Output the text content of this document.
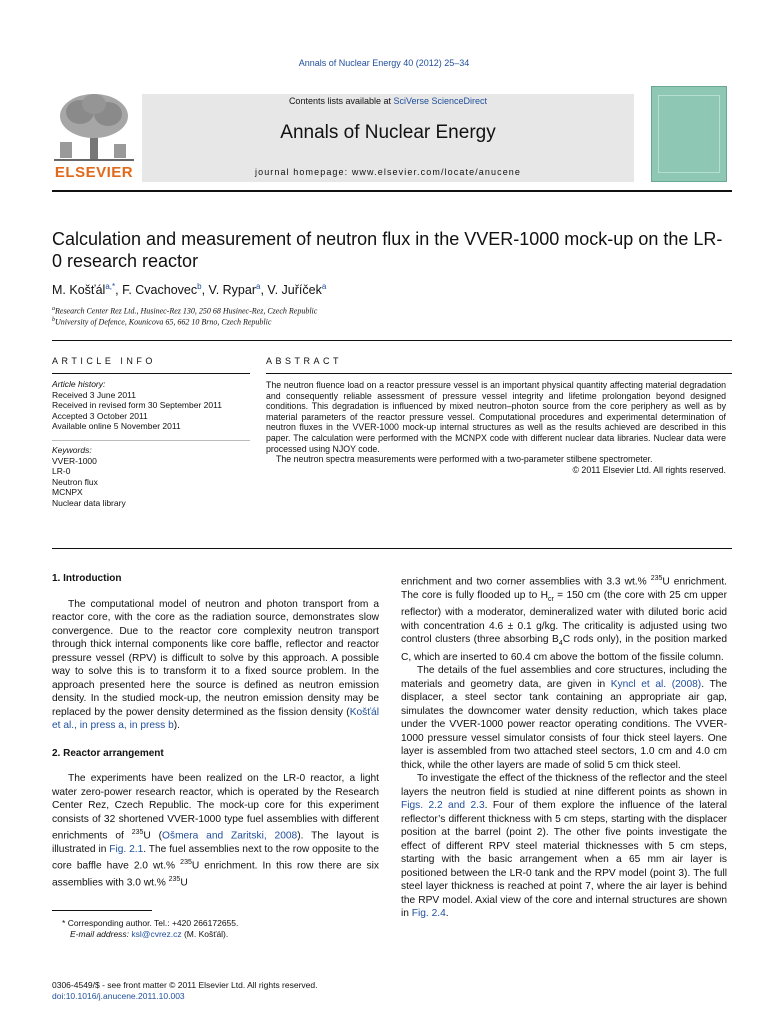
Annals of Nuclear Energy 40 (2012) 25–34
ELSEVIER
Contents lists available at SciVerse ScienceDirect
Annals of Nuclear Energy
journal homepage: www.elsevier.com/locate/anucene
Calculation and measurement of neutron flux in the VVER-1000 mock-up on the LR-0 research reactor
M. Košťál$^{a,*}$, F. Cvachovec$^b$, V. Rypar$^a$, V. Juříček$^a$
$^a$Research Center Rez Ltd., Husinec-Rez 130, 250 68 Husinec-Rez, Czech Republic
$^b$University of Defence, Kounicova 65, 662 10 Brno, Czech Republic
ARTICLE INFO	ABSTRACT
Article history:
Received 3 June 2011
Received in revised form 30 September 2011
Accepted 3 October 2011
Available online 5 November 2011
Keywords:
VVER-1000
LR-0
Neutron flux
MCNPX
Nuclear data library

The neutron fluence load on a reactor pressure vessel is an important physical quantity affecting material degradation and consequently reliable assessment of pressure vessel integrity and lifetime prolongation beyond designed conditions. This degradation is influenced by mixed neutron–photon source from the core periphery as well as by material parameters of the reactor pressure vessel. Computational procedures and experimental determination of neutron fluxes in the VVER-1000 mock-up internal structures as well as the results achieved are described in this paper. The calculation were performed with the MCNPX code with different nuclear data libraries. Nuclear data were processed using NJOY code.

The neutron spectra measurements were performed with a two-parameter stilbene spectrometer.

© 2011 Elsevier Ltd. All rights reserved.

1. Introduction

The computational model of neutron and photon transport from a reactor core, with the core as the radiation source, demonstrates slow convergence. Due to the reactor core complexity neutron transport through thick internal components like core baffle, reflector and reactor pressure vessel (RPV) is difficult to solve by this approach. A possible way to solve this is to transform it to a fixed source problem. In the approach presented here the source is defined as neutron emission density. In the studied mock-up, the neutron emission density may be replaced by the power density determined as the fission density (Košťál et al., in press a, in press b).

2. Reactor arrangement

The experiments have been realized on the LR-0 reactor, a light water zero-power research reactor, which is operated by the Research Center Rez, Czech Republic. The mock-up core for this experiment consists of 32 shortened VVER-1000 type fuel assemblies with different enrichments of $^{235}$U (Ošmera and Zaritski, 2008). The layout is illustrated in Fig. 2.1. The fuel assemblies next to the row opposite to the core baffle have 2.0 wt.% $^{235}$U enrichment. In this row there are six assemblies with 3.0 wt.% $^{235}$U

enrichment and two corner assemblies with 3.3 wt.% $^{235}$U enrichment. The core is fully flooded up to $H_{cr} = 150$ cm (the core with 25 cm upper reflector) with a moderator, demineralized water with diluted boric acid with concentration 4.6 ± 0.1 g/kg. The criticality is adjusted using two control clusters (three absorbing $B_4C$ rods only), in the position marked C, which are inserted to 60.4 cm above the bottom of the fissile column.

The details of the fuel assemblies and core structures, including the materials and geometry data, are given in Kyncl et al. (2008). The displacer, a steel sector tank containing an appropriate air gap, simulates the downcomer water density reduction, which takes place under the VVER-1000 power reactor operating conditions. The VVER-1000 pressure vessel simulator consists of four thick steel layers. One layer is assembled from two attached steel sectors, 1.0 cm and 4.0 cm thick, while the other layers are made of solid 5 cm thick steel.

To investigate the effect of the thickness of the reflector and the steel layers the neutron field is studied at nine different points as shown in Figs. 2.2 and 2.3. Four of them explore the influence of the lateral reflector’s different thickness with 5 cm steps, starting with the displacer position at the barrel (point 2). The other five points investigate the effect of different RPV steel material thicknesses with 5 cm steps, starting with the basic arrangement when a 65 mm air layer is positioned between the LR-0 tank and the RPV model (point 3). The full steel layer thickness is reached at point 7, where the air layer is behind the RPV model. Axial view of the core and internal structures are shown in Fig. 2.4.

* Corresponding author. Tel.: +420 266172655.
E-mail address: ksl@cvrez.cz (M. Košťál).
0306-4549/$ - see front matter © 2011 Elsevier Ltd. All rights reserved.
doi:10.1016/j.anucene.2011.10.003
